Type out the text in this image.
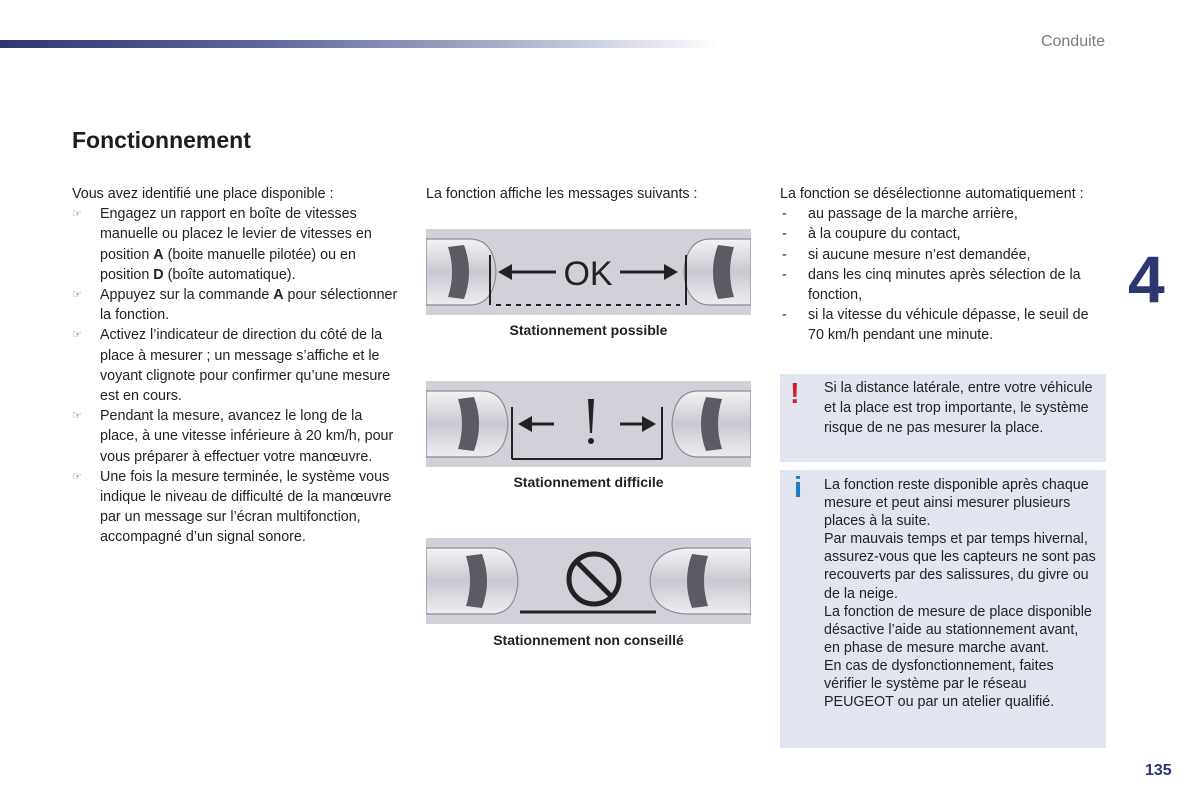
Conduite
4
Fonctionnement
Vous avez identifié une place disponible :
☞ Engagez un rapport en boîte de vitesses manuelle ou placez le levier de vitesses en position A (boite manuelle pilotée) ou en position D (boîte automatique).
☞ Appuyez sur la commande A pour sélectionner la fonction.
☞ Activez l’indicateur de direction du côté de la place à mesurer ; un message s’affiche et le voyant clignote pour confirmer qu’une mesure est en cours.
☞ Pendant la mesure, avancez le long de la place, à une vitesse inférieure à 20 km/h, pour vous préparer à effectuer votre manœuvre.
☞ Une fois la mesure terminée, le système vous indique le niveau de difficulté de la manœuvre par un message sur l’écran multifonction, accompagné d’un signal sonore.
La fonction affiche les messages suivants :
OK
Stationnement possible
Stationnement difficile
Stationnement non conseillé
La fonction se désélectionne automatiquement :
- au passage de la marche arrière,
- à la coupure du contact,
- si aucune mesure n’est demandée,
- dans les cinq minutes après sélection de la fonction,
- si la vitesse du véhicule dépasse, le seuil de 70 km/h pendant une minute.
! Si la distance latérale, entre votre véhicule et la place est trop importante, le système risque de ne pas mesurer la place.
i La fonction reste disponible après chaque mesure et peut ainsi mesurer plusieurs places à la suite.
Par mauvais temps et par temps hivernal, assurez-vous que les capteurs ne sont pas recouverts par des salissures, du givre ou de la neige.
La fonction de mesure de place disponible désactive l’aide au stationnement avant, en phase de mesure marche avant.
En cas de dysfonctionnement, faites vérifier le système par le réseau PEUGEOT ou par un atelier qualifié.
135
